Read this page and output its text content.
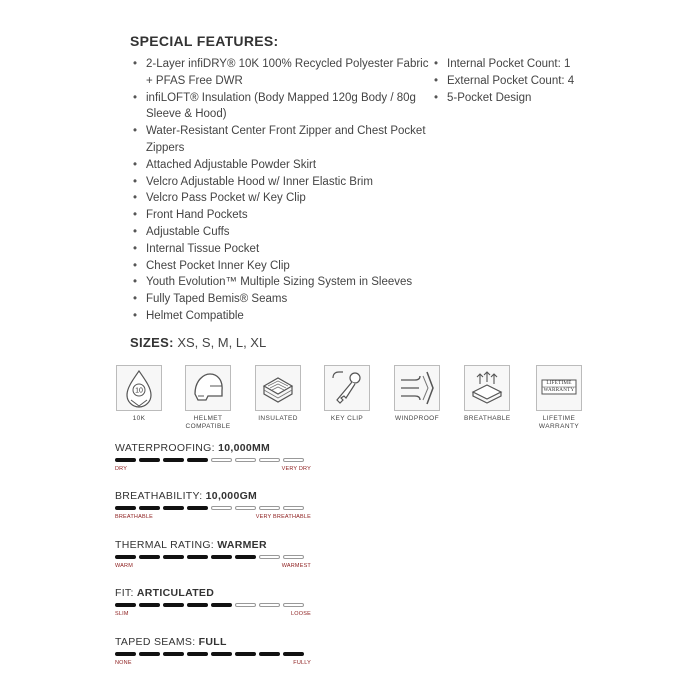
SPECIAL FEATURES:
• 2-Layer infiDRY® 10K 100% Recycled Polyester Fabric + PFAS Free DWR
• infiLOFT® Insulation (Body Mapped 120g Body / 80g Sleeve & Hood)
• Water-Resistant Center Front Zipper and Chest Pocket Zippers
• Attached Adjustable Powder Skirt
• Velcro Adjustable Hood w/ Inner Elastic Brim
• Velcro Pass Pocket w/ Key Clip
• Front Hand Pockets
• Adjustable Cuffs
• Internal Tissue Pocket
• Chest Pocket Inner Key Clip
• Youth Evolution™ Multiple Sizing System in Sleeves
• Fully Taped Bemis® Seams
• Helmet Compatible
• Internal Pocket Count: 1
• External Pocket Count: 4
• 5-Pocket Design
SIZES: XS, S, M, L, XL
10
10K	HELMET COMPATIBLE
INSULATED	KEY CLIP	WINDPROOF	BREATHABLE
LIFETIME WARRANTY
LIFETIME WARRANTY
WATERPROOFING: 10,000MM
DRY	VERY DRY
BREATHABILITY: 10,000GM
BREATHABLE	VERY BREATHABLE
THERMAL RATING: WARMER
WARM	WARMEST
FIT: ARTICULATED
SLIM	LOOSE
TAPED SEAMS: FULL
NONE	FULLY
